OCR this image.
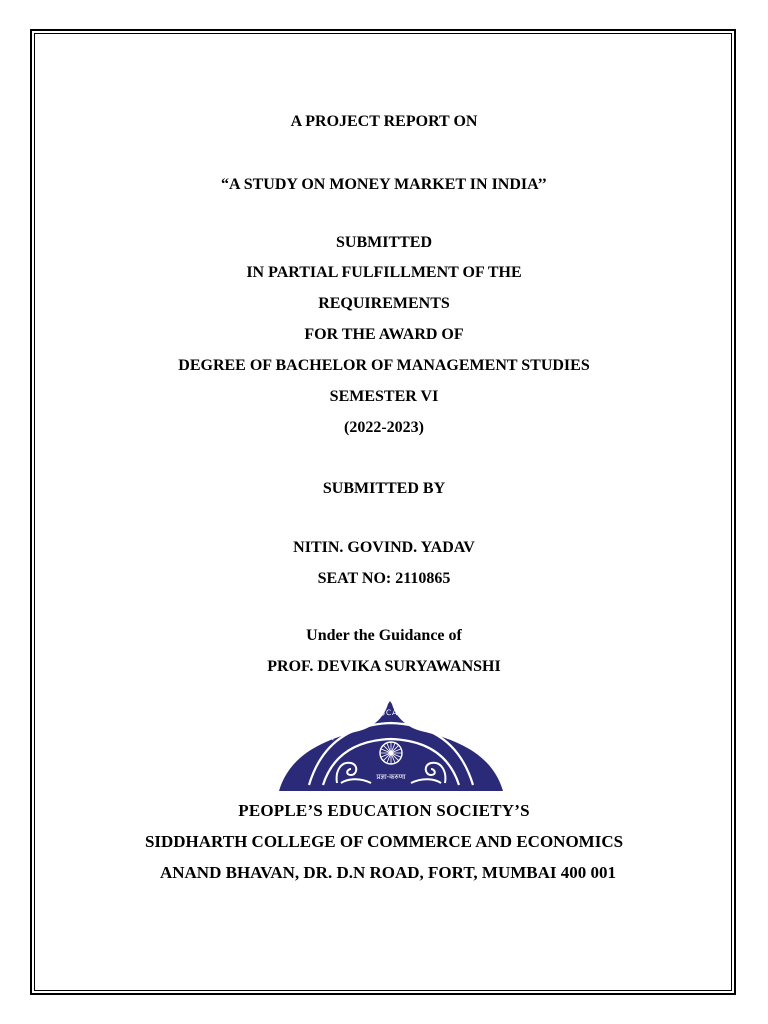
A PROJECT REPORT ON
“A STUDY ON MONEY MARKET IN INDIA’’
SUBMITTED
IN PARTIAL FULFILLMENT OF THE
REQUIREMENTS
FOR THE AWARD OF
DEGREE OF BACHELOR OF MANAGEMENT STUDIES
SEMESTER VI
(2022-2023)
SUBMITTED BY
NITIN. GOVIND. YADAV
SEAT NO: 2110865
Under the Guidance of
PROF. DEVIKA SURYAWANSHI
PEOPLE'S EDUCATION SOCIETY
प्रज्ञा-करुणा
PEOPLE’S EDUCATION SOCIETY’S
SIDDHARTH COLLEGE OF COMMERCE AND ECONOMICS
ANAND BHAVAN, DR. D.N ROAD, FORT, MUMBAI 400 001
